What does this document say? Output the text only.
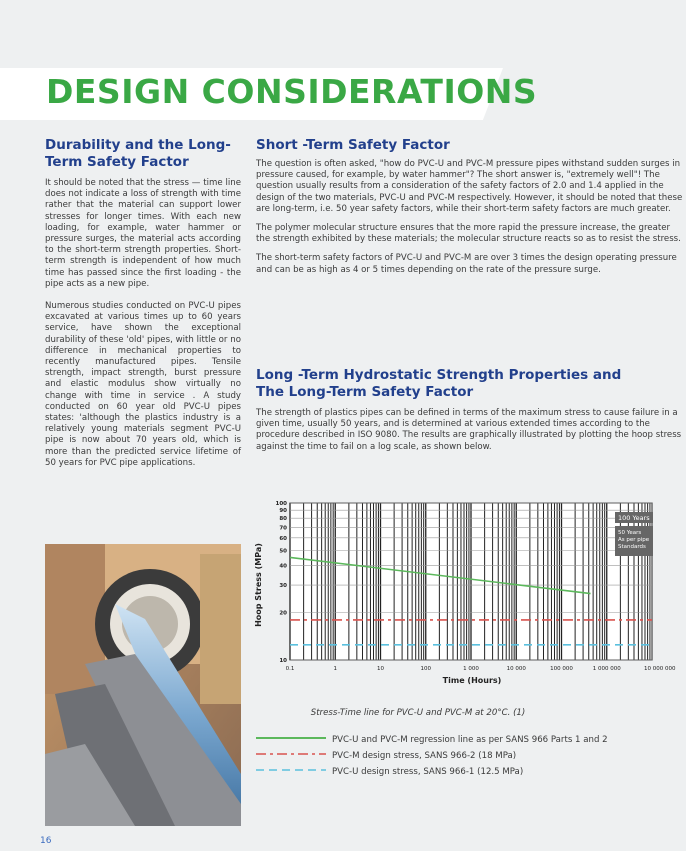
DESIGN CONSIDERATIONS
Durability and the Long-Term Safety Factor

It should be noted that the stress — time line does not indicate a loss of strength with time rather that the material can support lower stresses for longer times. With each new loading, for example, water hammer or pressure surges, the material acts according to the short-term strength properties. Short-term strength is independent of how much time has passed since the first loading - the pipe acts as a new pipe.

Numerous studies conducted on PVC-U pipes excavated at various times up to 60 years service, have shown the exceptional durability of these 'old' pipes, with little or no difference in mechanical properties to recently manufactured pipes. Tensile strength, impact strength, burst pressure and elastic modulus show virtually no change with time in service . A study conducted on 60 year old PVC-U pipes states: 'although the plastics industry is a relatively young materials segment PVC-U pipe is now about 70 years old, which is more than the predicted service lifetime of 50 years for PVC pipe applications.

Short -Term Safety Factor

The question is often asked, "how do PVC-U and PVC-M pressure pipes withstand sudden surges in pressure caused, for example, by water hammer"? The short answer is, "extremely well"! The question usually results from a consideration of the safety factors of 2.0 and 1.4 applied in the design of the two materials, PVC-U and PVC-M respectively. However, it should be noted that these are long-term, i.e. 50 year safety factors, while their short-term safety factors are much greater.

The polymer molecular structure ensures that the more rapid the pressure increase, the greater the strength exhibited by these materials; the molecular structure reacts so as to resist the stress.

The short-term safety factors of PVC-U and PVC-M are over 3 times the design operating pressure and can be as high as 4 or 5 times depending on the rate of the pressure surge.

Long -Term Hydrostatic Strength Properties and The Long-Term Safety Factor

The strength of plastics pipes can be defined in terms of the maximum stress to cause failure in a given time, usually 50 years, and is determined at various extended times according to the procedure described in ISO 9080. The results are graphically illustrated by plotting the hoop stress against the time to fail on a log scale, as shown below.

100 Years
50 Years As per pipe Standards
0.1	1	10	100	1 000	10 000	100 000	1 000 000	10 000 000
10
20
30
40
50
60
70
80
90
100
Time (Hours)
Hoop Stress (MPa)
Stress-Time line for PVC-U and PVC-M at 20°C. (1)
PVC-U and PVC-M regression line as per SANS 966 Parts 1 and 2
PVC-M design stress, SANS 966-2 (18 MPa)
PVC-U design stress, SANS 966-1 (12.5 MPa)
16
